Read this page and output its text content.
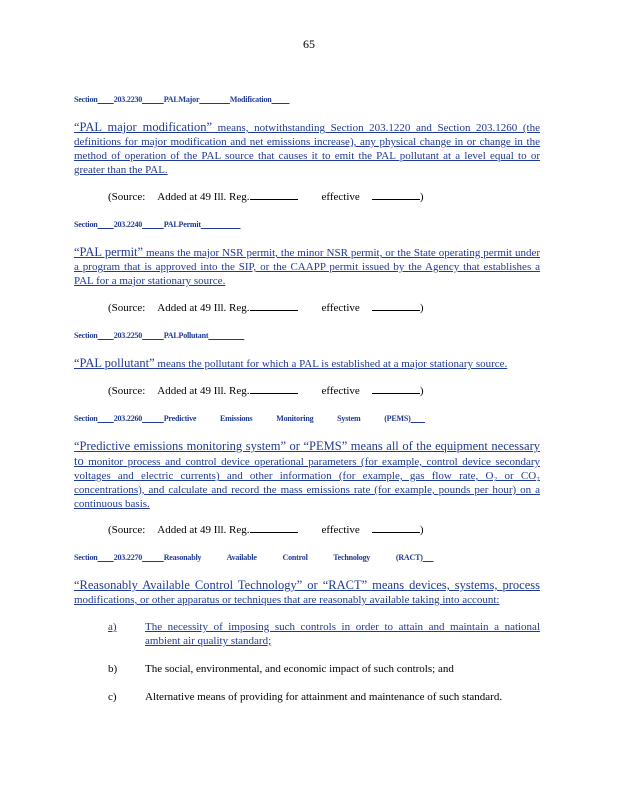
65
Section 203.2230	PALMajor	Modification
“PAL major modification” means, notwithstanding Section 203.1220 and Section 203.1260 (the definitions for major modification and net emissions increase), any physical change in or change in the method of operation of the PAL source that causes it to emit the PAL pollutant at a level equal to or greater than the PAL.
(Source: Added at 49 Ill. Reg.	effective	)
Section 203.2240	PALPermit
“PAL permit” means the major NSR permit, the minor NSR permit, or the State operating permit under a program that is approved into the SIP, or the CAAPP permit issued by the Agency that establishes a PAL for a major stationary source.
(Source: Added at 49 Ill. Reg.	effective	)
Section 203.2250	PALPollutant
“PAL pollutant” means the pollutant for which a PAL is established at a major stationary source.
(Source: Added at 49 Ill. Reg.	effective	)
Section 203.2260	Predictive Emissions Monitoring System (PEMS)
“Predictive emissions monitoring system” or “PEMS” means all of the equipment necessary to monitor process and control device operational parameters (for example, control device secondary voltages and electric currents) and other information (for example, gas flow rate, O₂ or CO₂ concentrations), and calculate and record the mass emissions rate (for example, pounds per hour) on a continuous basis.
(Source: Added at 49 Ill. Reg.	effective	)
Section 203.2270	Reasonably Available Control Technology (RACT)
“Reasonably Available Control Technology” or “RACT” means devices, systems, process modifications, or other apparatus or techniques that are reasonably available taking into account:
a)	The necessity of imposing such controls in order to attain and maintain a national ambient air quality standard;
b)	The social, environmental, and economic impact of such controls; and
c)	Alternative means of providing for attainment and maintenance of such standard.
